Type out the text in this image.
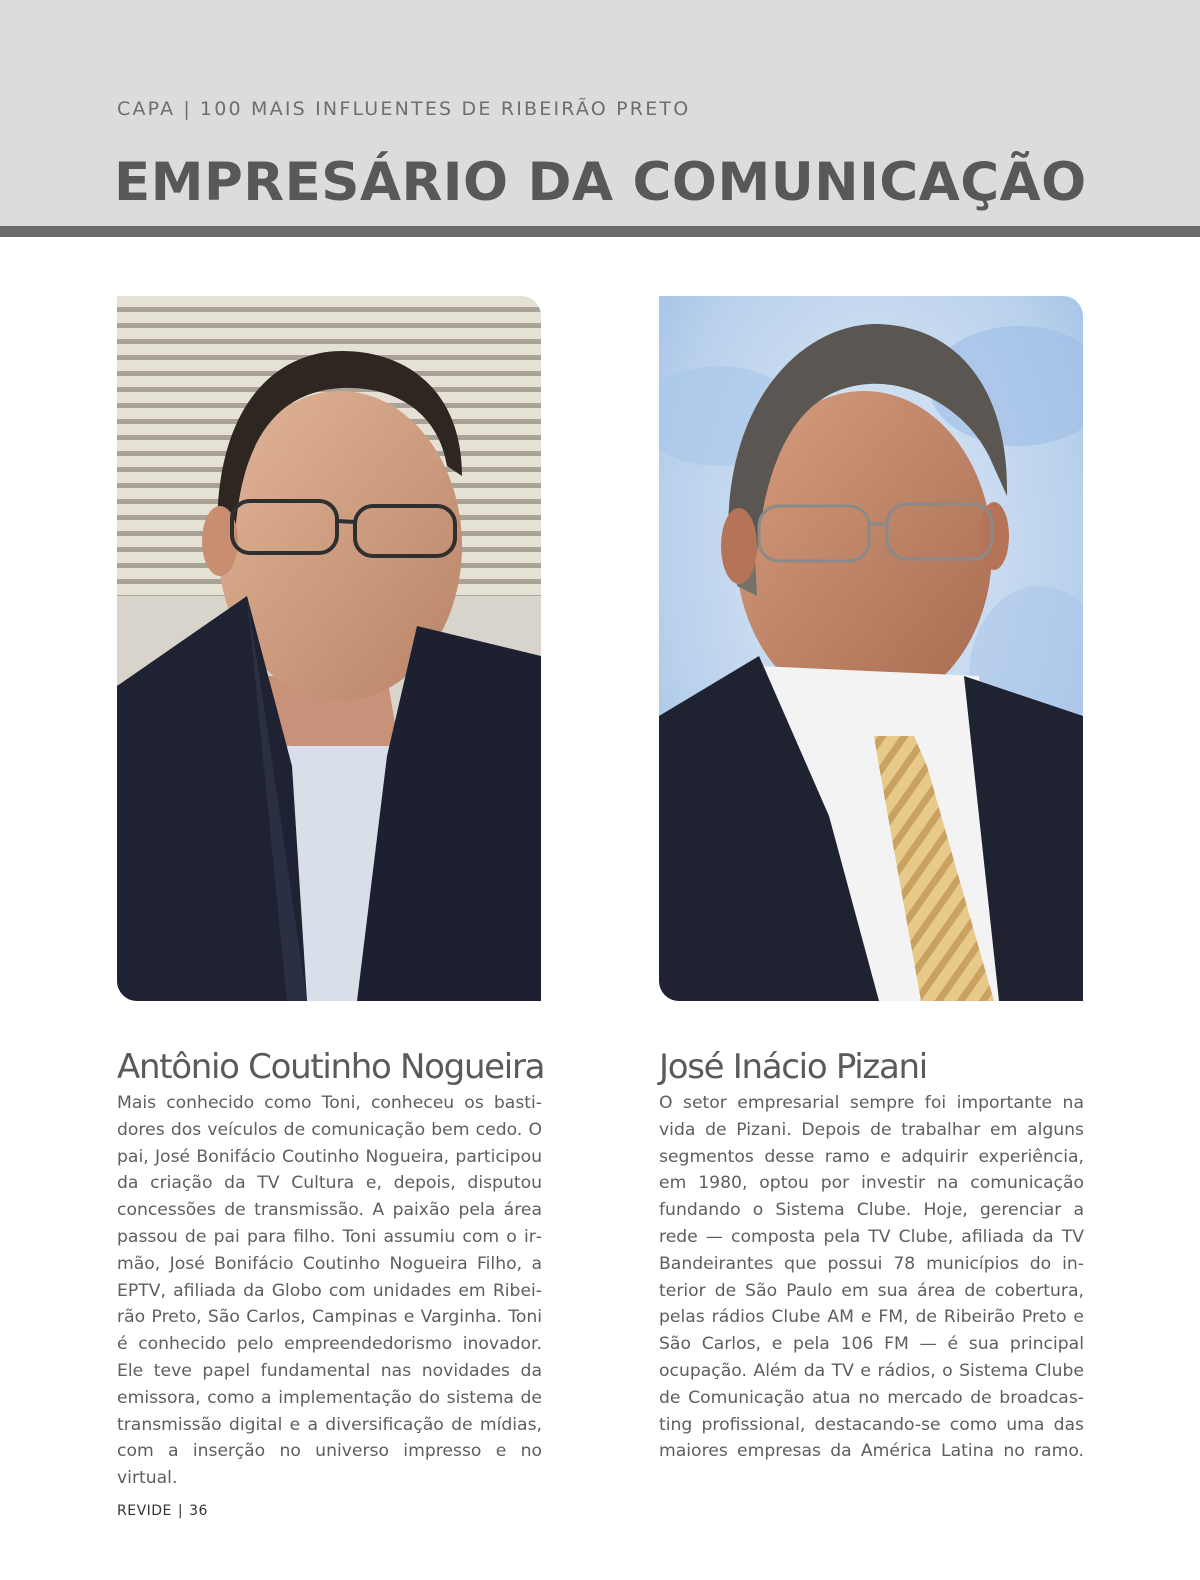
CAPA | 100 MAIS INFLUENTES DE RIBEIRÃO PRETO
EMPRESÁRIO DA COMUNICAÇÃO
Antônio Coutinho Nogueira

Mais conhecido como Toni, conheceu os bastidores dos veículos de comunicação bem cedo. O pai, José Bonifácio Coutinho Nogueira, participou da criação da TV Cultura e, depois, disputou concessões de transmissão. A paixão pela área passou de pai para filho. Toni assumiu com o irmão, José Bonifácio Coutinho Nogueira Filho, a EPTV, afiliada da Globo com unidades em Ribeirão Preto, São Carlos, Campinas e Varginha. Toni é conhecido pelo empreendedorismo inovador. Ele teve papel fundamental nas novidades da emissora, como a implementação do sistema de transmissão digital e a diversificação de mídias, com a inserção no universo impresso e no virtual.

José Inácio Pizani

O setor empresarial sempre foi importante na vida de Pizani. Depois de trabalhar em alguns segmentos desse ramo e adquirir experiência, em 1980, optou por investir na comunicação fundando o Sistema Clube. Hoje, gerenciar a rede — composta pela TV Clube, afiliada da TV Bandeirantes que possui 78 municípios do interior de São Paulo em sua área de cobertura, pelas rádios Clube AM e FM, de Ribeirão Preto e São Carlos, e pela 106 FM — é sua principal ocupação. Além da TV e rádios, o Sistema Clube de Comunicação atua no mercado de broadcasting profissional, destacando-se como uma das maiores empresas da América Latina no ramo.

REVIDE | 36
